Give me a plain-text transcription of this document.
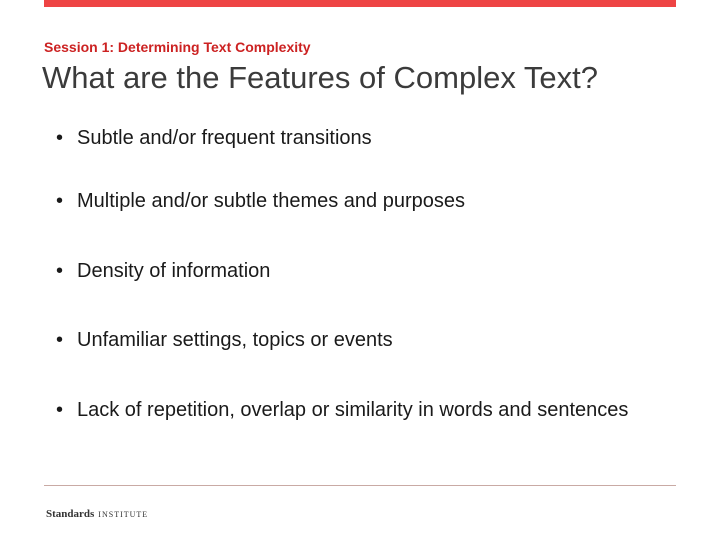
Session 1: Determining Text Complexity
What are the Features of Complex Text?
• Subtle and/or frequent transitions
• Multiple and/or subtle themes and purposes
• Density of information
• Unfamiliar settings, topics or events
• Lack of repetition, overlap or similarity in words and sentences
Standards INSTITUTE
